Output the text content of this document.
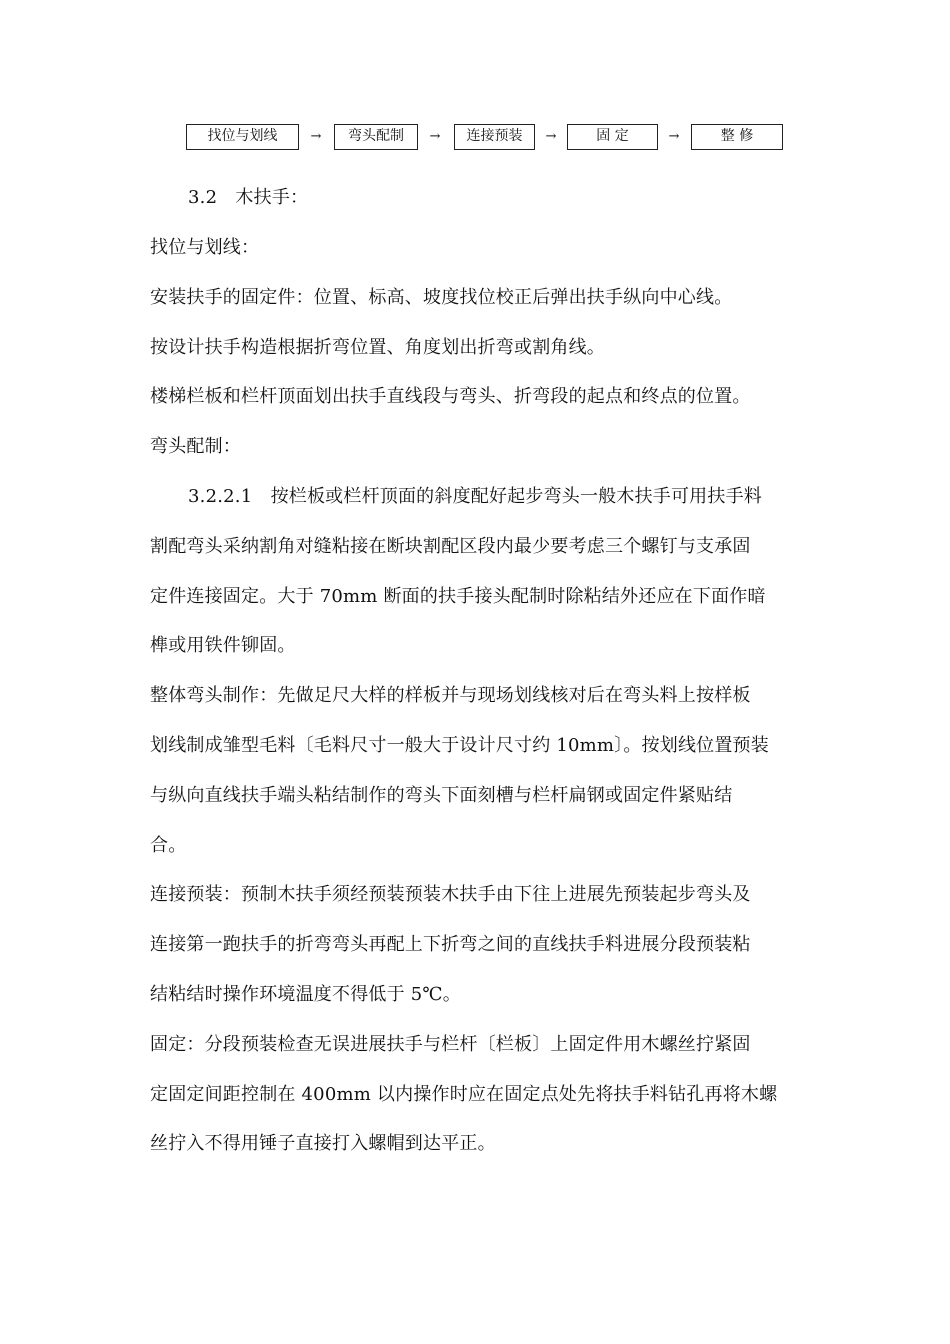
找位与划线	→	弯头配制	→	连接预装	→	固 定	→	整 修
3.2　木扶手：
找位与划线：
安装扶手的固定件：位置、标高、坡度找位校正后弹出扶手纵向中心线。
按设计扶手构造根据折弯位置、角度划出折弯或割角线。
楼梯栏板和栏杆顶面划出扶手直线段与弯头、折弯段的起点和终点的位置。
弯头配制：
3.2.2.1　按栏板或栏杆顶面的斜度配好起步弯头一般木扶手可用扶手料
割配弯头采纳割角对缝粘接在断块割配区段内最少要考虑三个螺钉与支承固
定件连接固定。大于 70mm 断面的扶手接头配制时除粘结外还应在下面作暗
榫或用铁件铆固。
整体弯头制作：先做足尺大样的样板并与现场划线核对后在弯头料上按样板
划线制成雏型毛料〔毛料尺寸一般大于设计尺寸约 10mm〕。按划线位置预装
与纵向直线扶手端头粘结制作的弯头下面刻槽与栏杆扁钢或固定件紧贴结
合。
连接预装：预制木扶手须经预装预装木扶手由下往上进展先预装起步弯头及
连接第一跑扶手的折弯弯头再配上下折弯之间的直线扶手料进展分段预装粘
结粘结时操作环境温度不得低于 5℃。
固定：分段预装检查无误进展扶手与栏杆〔栏板〕上固定件用木螺丝拧紧固
定固定间距控制在 400mm 以内操作时应在固定点处先将扶手料钻孔再将木螺
丝拧入不得用锤子直接打入螺帽到达平正。
